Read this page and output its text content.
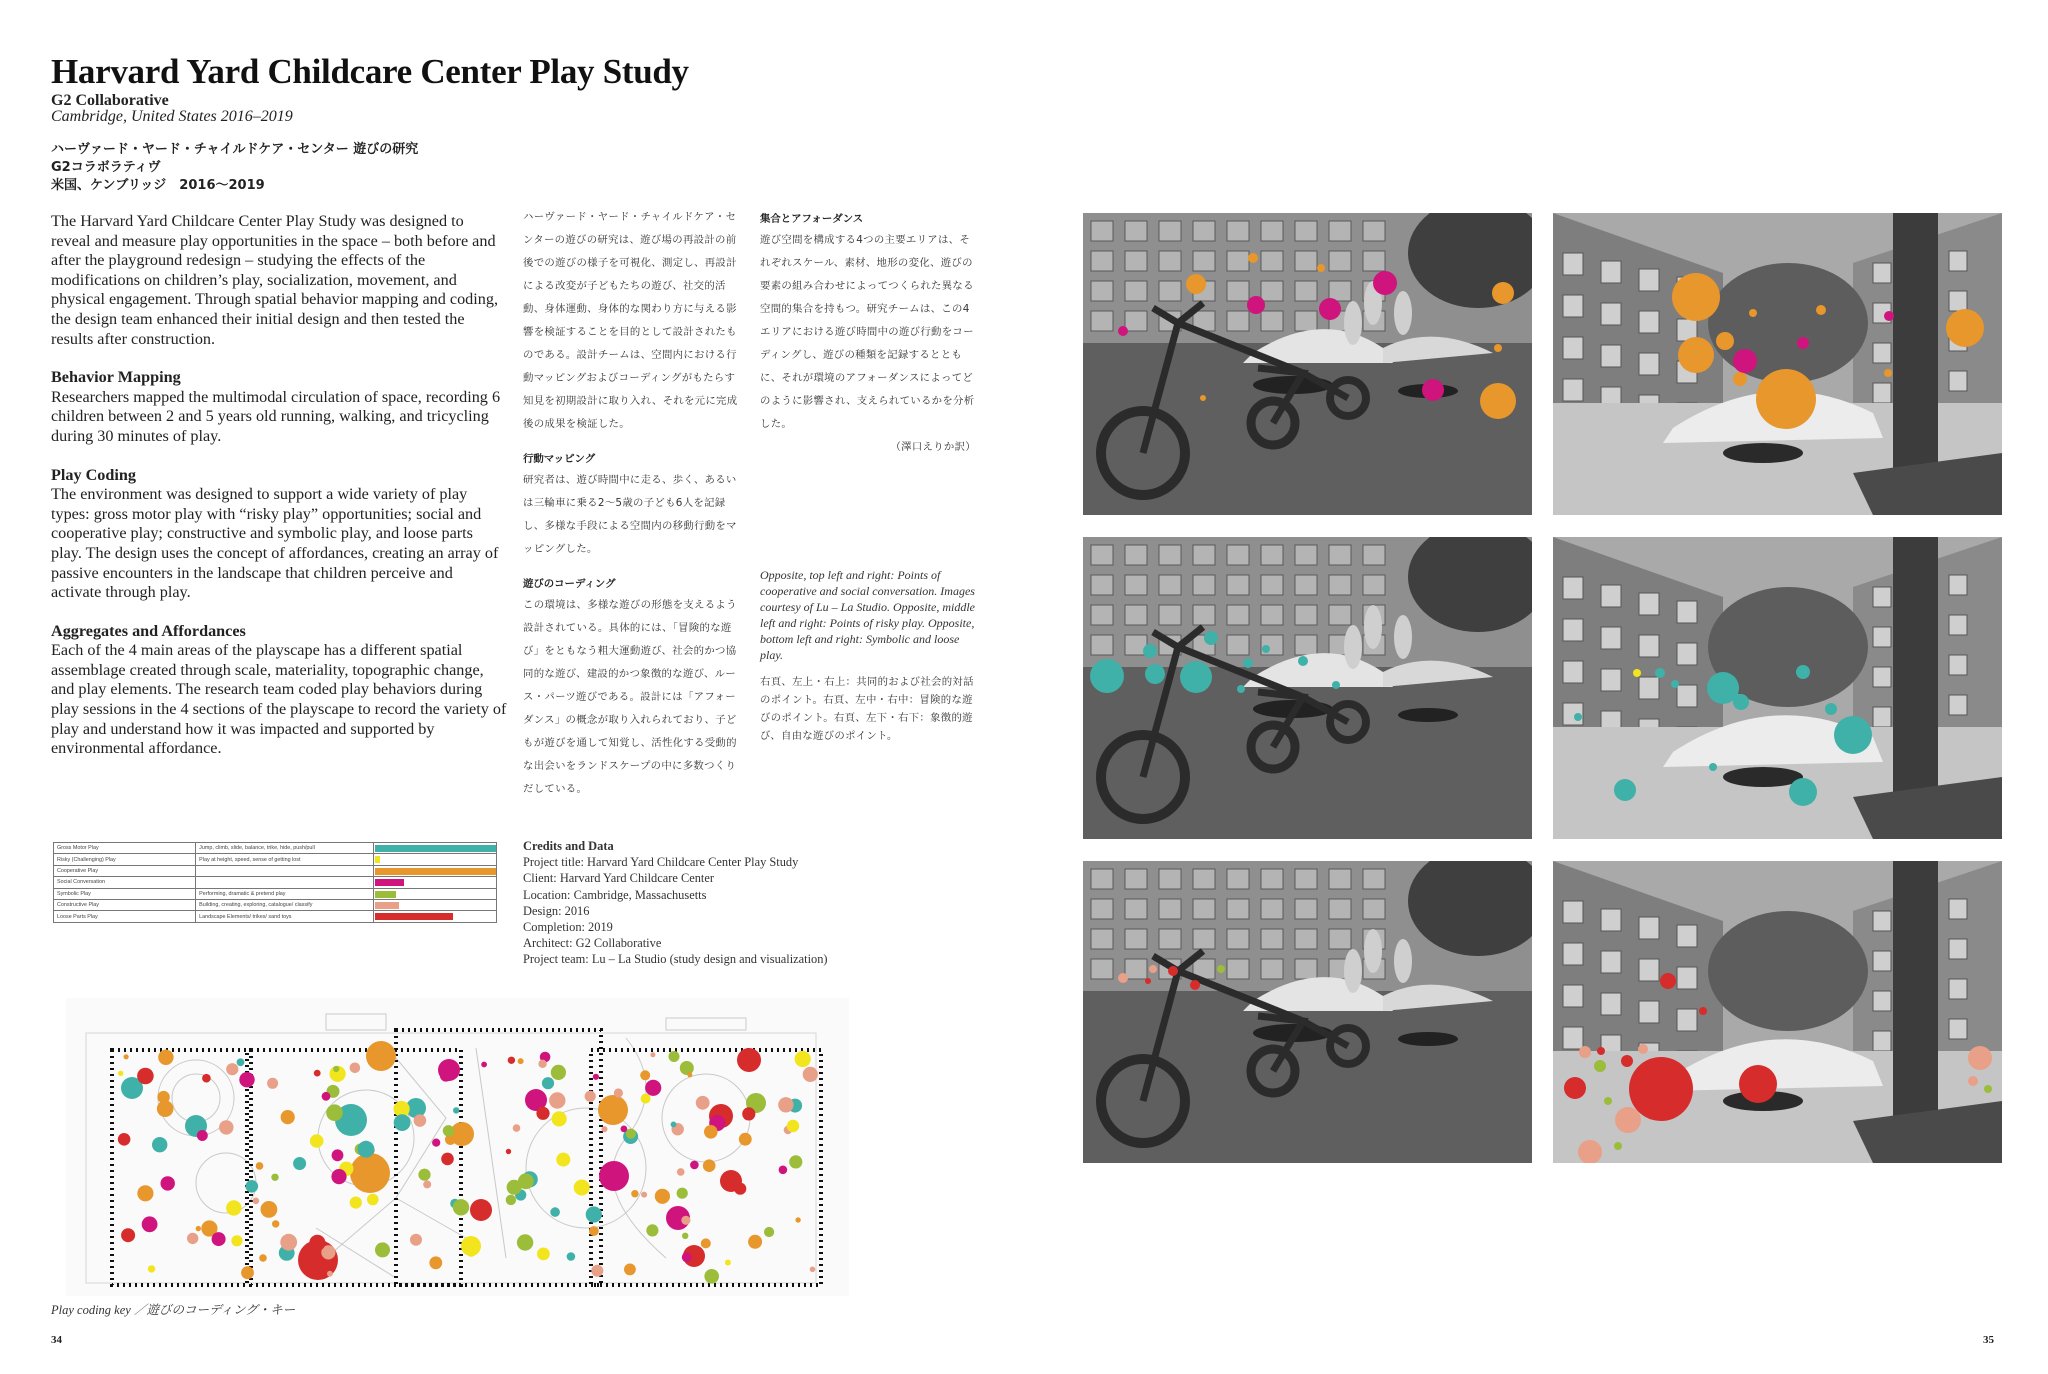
Harvard Yard Childcare Center Play Study
G2 Collaborative
Cambridge, United States 2016–2019
ハーヴァード・ヤード・チャイルドケア・センター 遊びの研究
G2コラボラティヴ
米国、ケンブリッジ　2016～2019
The Harvard Yard Childcare Center Play Study was designed to reveal and measure play opportunities in the space – both before and after the playground redesign – studying the effects of the modifications on children’s play, socialization, movement, and physical engagement. Through spatial behavior mapping and coding, the design team enhanced their initial design and then tested the results after construction.
Behavior Mapping
Researchers mapped the multimodal circulation of space, recording 6 children between 2 and 5 years old running, walking, and tricycling during 30 minutes of play.
Play Coding
The environment was designed to support a wide variety of play types: gross motor play with “risky play” opportunities; social and cooperative play; constructive and symbolic play, and loose parts play. The design uses the concept of affordances, creating an array of passive encounters in the landscape that children perceive and activate through play.
Aggregates and Affordances
Each of the 4 main areas of the playscape has a different spatial assemblage created through scale, materiality, topographic change, and play elements. The research team coded play behaviors during play sessions in the 4 sections of the playscape to record the variety of play and understand how it was impacted and supported by environmental affordance.
ハーヴァード・ヤード・チャイルドケア・センターの遊びの研究は、遊び場の再設計の前後での遊びの様子を可視化、測定し、再設計による改変が子どもたちの遊び、社交的活動、身体運動、身体的な関わり方に与える影響を検証することを目的として設計されたものである。設計チームは、空間内における行動マッピングおよびコーディングがもたらす知見を初期設計に取り入れ、それを元に完成後の成果を検証した。
行動マッピング
研究者は、遊び時間中に走る、歩く、あるいは三輪車に乗る2～5歳の子ども6人を記録し、多様な手段による空間内の移動行動をマッピングした。
遊びのコーディング
この環境は、多様な遊びの形態を支えるよう設計されている。具体的には、「冒険的な遊び」をともなう粗大運動遊び、社会的かつ協同的な遊び、建設的かつ象徴的な遊び、ルース・パーツ遊びである。設計には「アフォーダンス」の概念が取り入れられており、子どもが遊びを通して知覚し、活性化する受動的な出会いをランドスケープの中に多数つくりだしている。
集合とアフォーダンス
遊び空間を構成する4つの主要エリアは、それぞれスケール、素材、地形の変化、遊びの要素の組み合わせによってつくられた異なる空間的集合を持もつ。研究チームは、この4エリアにおける遊び時間中の遊び行動をコーディングし、遊びの種類を記録するとともに、それが環境のアフォーダンスによってどのように影響され、支えられているかを分析した。
（澤口えりか訳）
Opposite, top left and right: Points of cooperative and social conversation. Images courtesy of Lu – La Studio. Opposite, middle left and right: Points of risky play. Opposite, bottom left and right: Symbolic and loose play.
右頁、左上・右上：共同的および社会的対話のポイント。右頁、左中・右中：冒険的な遊びのポイント。右頁、左下・右下：象徴的遊び、自由な遊びのポイント。
Gross Motor Play	Jump, climb, slide, balance, trike, hide, push/pull	

Risky (Challenging) Play	Play at height, speed, sense of getting lost	

Cooperative Play		

Social Conversation		

Symbolic Play	Performing, dramatic & pretend play	

Constructive Play	Building, creating, exploring, catalogue/ classify	

Loose Parts Play	Landscape Elements/ trikes/ sand toys	
Credits and Data
Project title: Harvard Yard Childcare Center Play Study
Client: Harvard Yard Childcare Center
Location: Cambridge, Massachusetts
Design: 2016
Completion: 2019
Architect: G2 Collaborative
Project team: Lu – La Studio (study design and visualization)
Play coding key ／遊びのコーディング・キー
34	35
